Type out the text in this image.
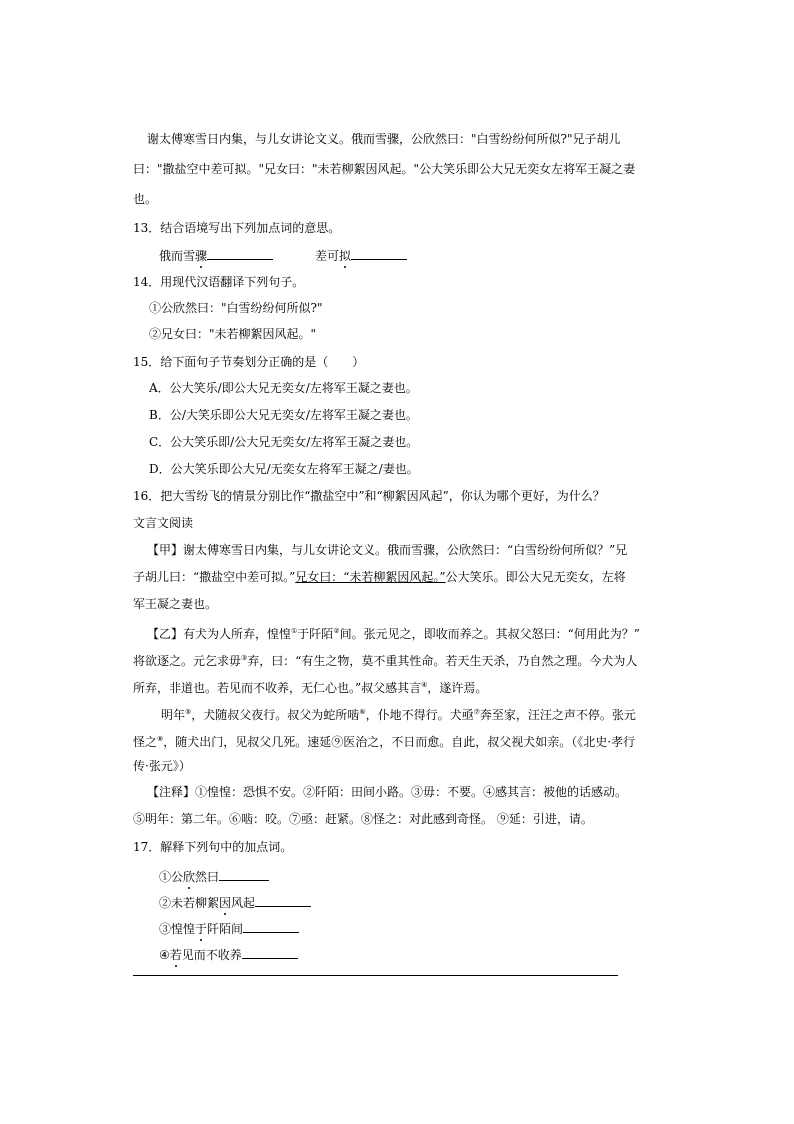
谢太傅寒雪日内集，与儿女讲论文义。俄而雪骤，公欣然曰："白雪纷纷何所似?"兄子胡儿
曰："撒盐空中差可拟。"兄女曰："未若柳絮因风起。"公大笑乐即公大兄无奕女左将军王凝之妻
也。
13．结合语境写出下列加点词的意思。
俄而雪骤	差可拟
14．用现代汉语翻译下列句子。
①公欣然曰："白雪纷纷何所似?"
②兄女曰："未若柳絮因风起。"
15．给下面句子节奏划分正确的是（　　）
A．公大笑乐/即公大兄无奕女/左将军王凝之妻也。
B．公/大笑乐即公大兄无奕女/左将军王凝之妻也。
C．公大笑乐即/公大兄无奕女/左将军王凝之妻也。
D．公大笑乐即公大兄/无奕女左将军王凝之/妻也。
16．把大雪纷飞的情景分别比作“撒盐空中”和“柳絮因风起”，你认为哪个更好，为什么？
文言文阅读
【甲】谢太傅寒雪日内集，与儿女讲论文义。俄而雪骤，公欣然曰：“白雪纷纷何所似？”兄
子胡儿曰：“撒盐空中差可拟。”兄女曰：“未若柳絮因风起。”公大笑乐。即公大兄无奕女，左将
军王凝之妻也。
【乙】有犬为人所弃，惶惶①于阡陌②间。张元见之，即收而养之。其叔父怒曰：“何用此为？”
将欲逐之。元乞求毋③弃，曰：“有生之物，莫不重其性命。若天生天杀，乃自然之理。今犬为人
所弃，非道也。若见而不收养，无仁心也。”叔父感其言④，遂许焉。
明年⑤，犬随叔父夜行。叔父为蛇所啮⑥，仆地不得行。犬亟⑦奔至家，汪汪之声不停。张元
怪之⑧，随犬出门，见叔父几死。速延⑨医治之，不日而愈。自此，叔父视犬如亲。（《北史·孝行
传·张元》）
【注释】①惶惶：恐惧不安。②阡陌：田间小路。③毋：不要。④感其言：被他的话感动。
⑤明年：第二年。⑥啮：咬。⑦亟：赶紧。⑧怪之：对此感到奇怪。 ⑨延：引进，请。
17．解释下列句中的加点词。
①公欣然曰
②未若柳絮因风起
③惶惶于阡陌间
④若见而不收养
